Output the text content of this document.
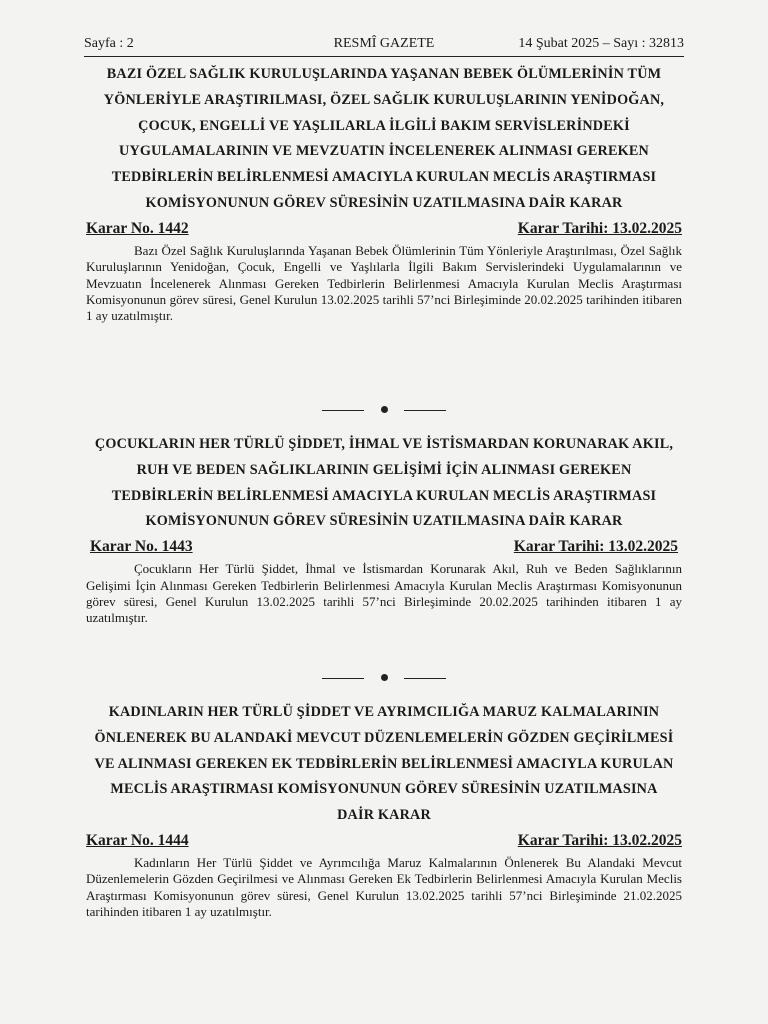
Sayfa : 2	RESMÎ GAZETE	14 Şubat 2025 – Sayı : 32813

BAZI ÖZEL SAĞLIK KURULUŞLARINDA YAŞANAN BEBEK ÖLÜMLERİNİN TÜM YÖNLERİYLE ARAŞTIRILMASI, ÖZEL SAĞLIK KURULUŞLARININ YENİDOĞAN, ÇOCUK, ENGELLİ VE YAŞLILARLA İLGİLİ BAKIM SERVİSLERİNDEKİ UYGULAMALARININ VE MEVZUATIN İNCELENEREK ALINMASI GEREKEN TEDBİRLERİN BELİRLENMESİ AMACIYLA KURULAN MECLİS ARAŞTIRMASI KOMİSYONUNUN GÖREV SÜRESİNİN UZATILMASINA DAİR KARAR

Karar No. 1442	Karar Tarihi: 13.02.2025

Bazı Özel Sağlık Kuruluşlarında Yaşanan Bebek Ölümlerinin Tüm Yönleriyle Araştırılması, Özel Sağlık Kuruluşlarının Yenidoğan, Çocuk, Engelli ve Yaşlılarla İlgili Bakım Servislerindeki Uygulamalarının ve Mevzuatın İncelenerek Alınması Gereken Tedbirlerin Belirlenmesi Amacıyla Kurulan Meclis Araştırması Komisyonunun görev süresi, Genel Kurulun 13.02.2025 tarihli 57’nci Birleşiminde 20.02.2025 tarihinden itibaren 1 ay uzatılmıştır.

ÇOCUKLARIN HER TÜRLÜ ŞİDDET, İHMAL VE İSTİSMARDAN KORUNARAK AKIL, RUH VE BEDEN SAĞLIKLARININ GELİŞİMİ İÇİN ALINMASI GEREKEN TEDBİRLERİN BELİRLENMESİ AMACIYLA KURULAN MECLİS ARAŞTIRMASI KOMİSYONUNUN GÖREV SÜRESİNİN UZATILMASINA DAİR KARAR

Karar No. 1443	Karar Tarihi: 13.02.2025

Çocukların Her Türlü Şiddet, İhmal ve İstismardan Korunarak Akıl, Ruh ve Beden Sağlıklarının Gelişimi İçin Alınması Gereken Tedbirlerin Belirlenmesi Amacıyla Kurulan Meclis Araştırması Komisyonunun görev süresi, Genel Kurulun 13.02.2025 tarihli 57’nci Birleşiminde 20.02.2025 tarihinden itibaren 1 ay uzatılmıştır.

KADINLARIN HER TÜRLÜ ŞİDDET VE AYRIMCILIĞA MARUZ KALMALARININ ÖNLENEREK BU ALANDAKİ MEVCUT DÜZENLEMELERİN GÖZDEN GEÇİRİLMESİ VE ALINMASI GEREKEN EK TEDBİRLERİN BELİRLENMESİ AMACIYLA KURULAN MECLİS ARAŞTIRMASI KOMİSYONUNUN GÖREV SÜRESİNİN UZATILMASINA DAİR KARAR

Karar No. 1444	Karar Tarihi: 13.02.2025

Kadınların Her Türlü Şiddet ve Ayrımcılığa Maruz Kalmalarının Önlenerek Bu Alandaki Mevcut Düzenlemelerin Gözden Geçirilmesi ve Alınması Gereken Ek Tedbirlerin Belirlenmesi Amacıyla Kurulan Meclis Araştırması Komisyonunun görev süresi, Genel Kurulun 13.02.2025 tarihli 57’nci Birleşiminde 21.02.2025 tarihinden itibaren 1 ay uzatılmıştır.
